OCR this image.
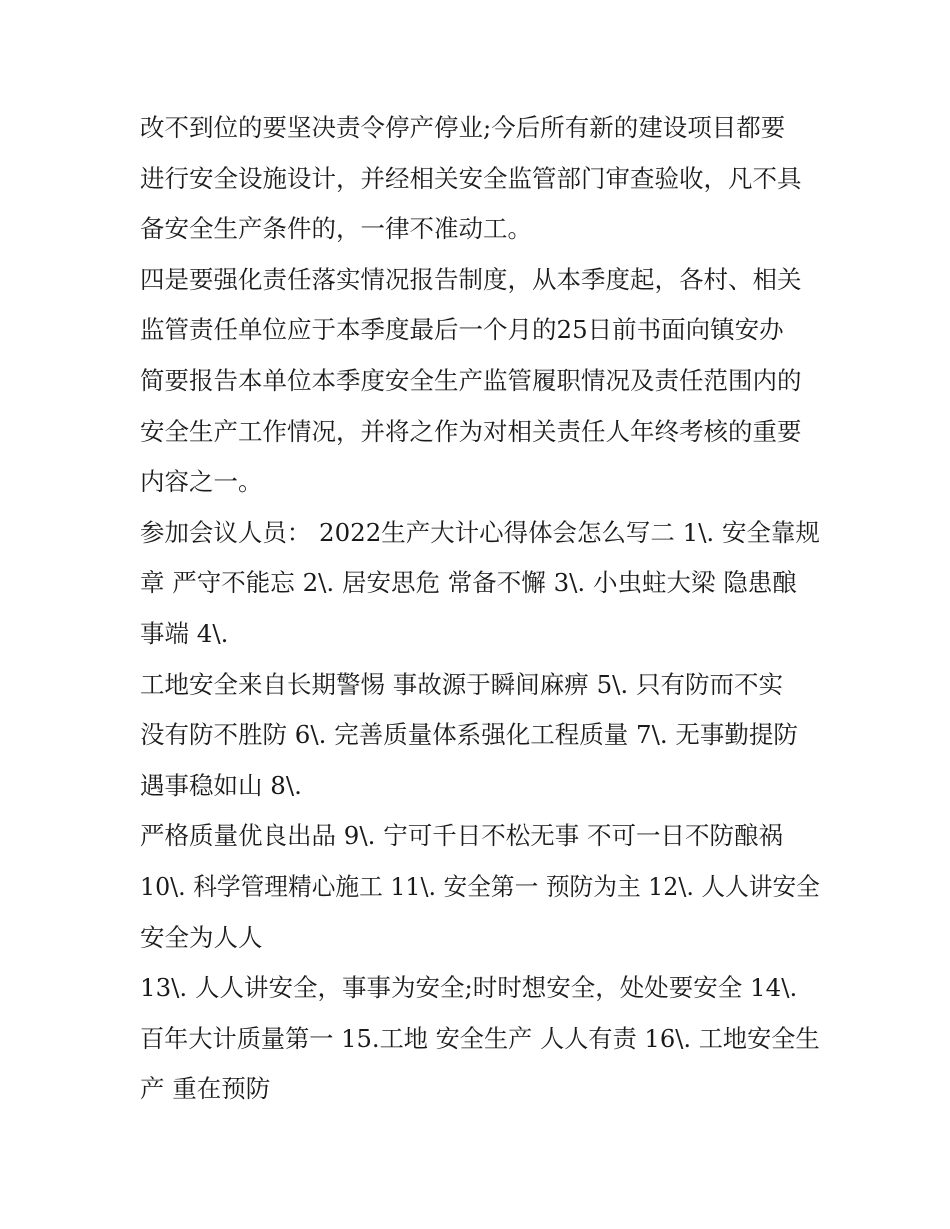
改不到位的要坚决责令停产停业;今后所有新的建设项目都要
进行安全设施设计，并经相关安全监管部门审查验收，凡不具
备安全生产条件的，一律不准动工。
四是要强化责任落实情况报告制度，从本季度起，各村、相关
监管责任单位应于本季度最后一个月的25日前书面向镇安办
简要报告本单位本季度安全生产监管履职情况及责任范围内的
安全生产工作情况，并将之作为对相关责任人年终考核的重要
内容之一。
参加会议人员： 2022生产大计心得体会怎么写二 1\. 安全靠规
章 严守不能忘 2\. 居安思危 常备不懈 3\. 小虫蛀大梁 隐患酿
事端 4\.
工地安全来自长期警惕 事故源于瞬间麻痹 5\. 只有防而不实
没有防不胜防 6\. 完善质量体系强化工程质量 7\. 无事勤提防
遇事稳如山 8\.
严格质量优良出品 9\. 宁可千日不松无事 不可一日不防酿祸
10\. 科学管理精心施工 11\. 安全第一 预防为主 12\. 人人讲安全
安全为人人
13\. 人人讲安全，事事为安全;时时想安全，处处要安全 14\.
百年大计质量第一 15.工地 安全生产 人人有责 16\. 工地安全生
产 重在预防
